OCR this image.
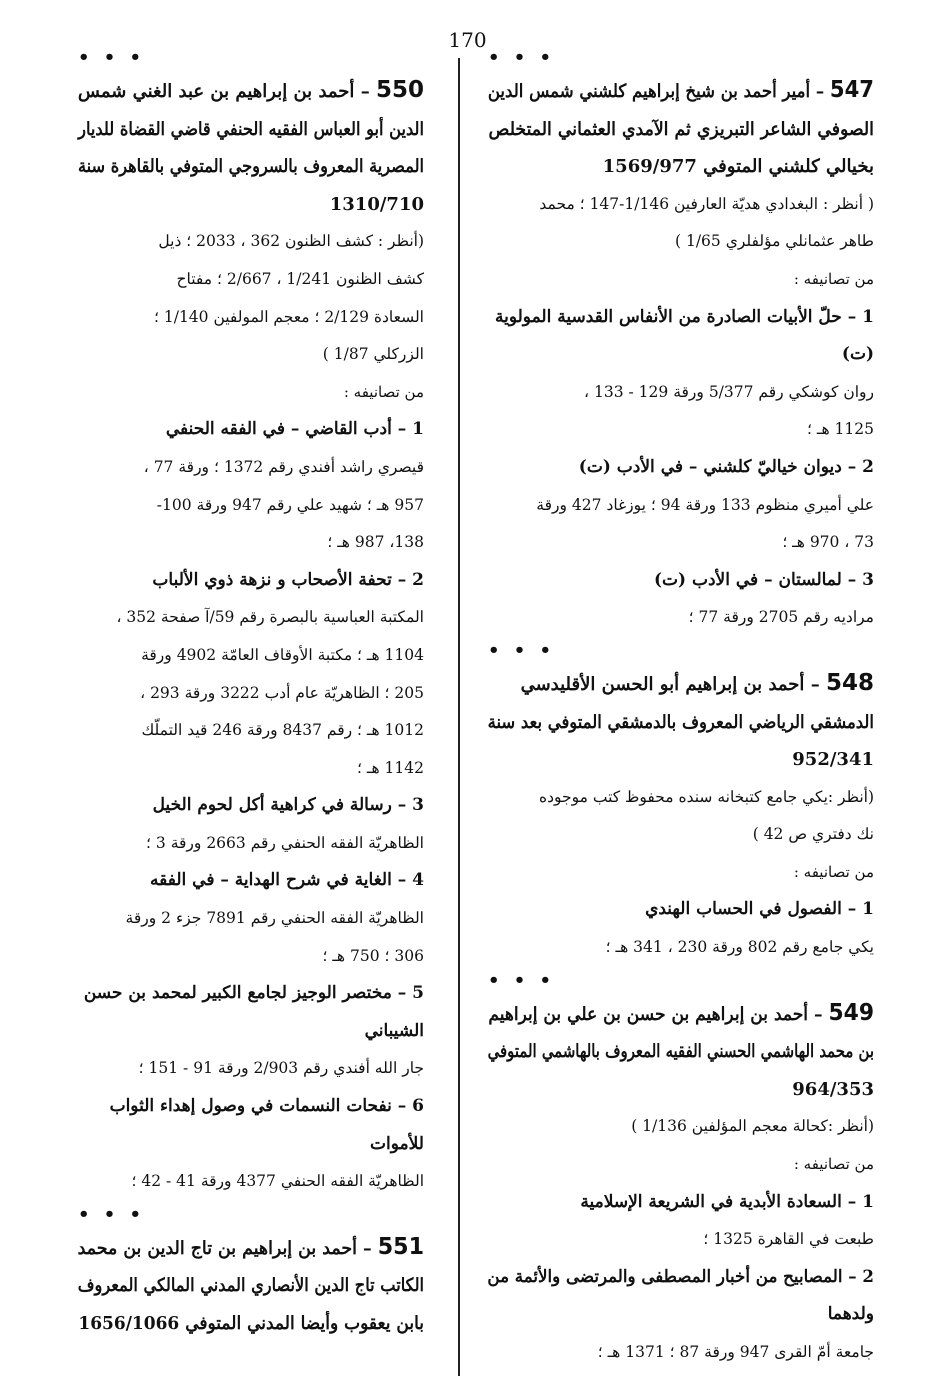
170
• • •
547 – أمير أحمد بن شيخ إبراهيم كلشني شمس الدين
الصوفي الشاعر التبريزي ثم الآمدي العثماني المتخلص
بخيالي كلشني المتوفي 1569/977
( أنظر : البغدادي هديّة العارفين 1/146-147 ؛ محمد
طاهر عثمانلي مؤلفلري 1/65 )
من تصانيفه :
1 – حلّ الأبيات الصادرة من الأنفاس القدسية المولوية
(ت)
روان كوشكي رقم 5/377 ورقة 129 - 133 ،
1125 هـ ؛
2 – ديوان خياليّ كلشني – في الأدب (ت)
علي أميري منظوم 133 ورقة 94 ؛ يوزغاد 427 ورقة
73 ، 970 هـ ؛
3 – لمالستان – في الأدب (ت)
مراديه رقم 2705 ورقة 77 ؛
• • •
548 – أحمد بن إبراهيم أبو الحسن الأقليدسي
الدمشقي الرياضي المعروف بالدمشقي المتوفي بعد سنة
952/341
(أنظر :يكي جامع كتبخانه سنده محفوظ كتب موجوده
نك دفتري ص 42 )
من تصانيفه :
1 – الفصول في الحساب الهندي
يكي جامع رقم 802 ورقة 230 ، 341 هـ ؛
• • •
549 – أحمد بن إبراهيم بن حسن بن علي بن إبراهيم
بن محمد الهاشمي الحسني الفقيه المعروف بالهاشمي المتوفي
964/353
(أنظر :كحالة معجم المؤلفين 1/136 )
من تصانيفه :
1 – السعادة الأبدية في الشريعة الإسلامية
طبعت في القاهرة 1325 ؛
2 – المصابيح من أخبار المصطفى والمرتضى والأئمة من
ولدهما
جامعة أمّ القرى 947 ورقة 87 ؛ 1371 هـ ؛
• • •
550 – أحمد بن إبراهيم بن عبد الغني شمس
الدين أبو العباس الفقيه الحنفي قاضي القضاة للديار
المصرية المعروف بالسروجي المتوفي بالقاهرة سنة
1310/710
(أنظر : كشف الظنون 362 ، 2033 ؛ ذيل
كشف الظنون 1/241 ، 2/667 ؛ مفتاح
السعادة 2/129 ؛ معجم المولفين 1/140 ؛
الزركلي 1/87 )
من تصانيفه :
1 – أدب القاضي – في الفقه الحنفي
قيصري راشد أفندي رقم 1372 ؛ ورقة 77 ،
957 هـ ؛ شهيد علي رقم 947 ورقة 100-
138، 987 هـ ؛
2 – تحفة الأصحاب و نزهة ذوي الألباب
المكتبة العباسية بالبصرة رقم 59/آ صفحة 352 ،
1104 هـ ؛ مكتبة الأوقاف العامّة 4902 ورقة
205 ؛ الظاهريّة عام أدب 3222 ورقة 293 ،
1012 هـ ؛ رقم 8437 ورقة 246 قيد التملّك
1142 هـ ؛
3 – رسالة في كراهية أكل لحوم الخيل
الظاهريّة الفقه الحنفي رقم 2663 ورقة 3 ؛
4 – الغاية في شرح الهداية – في الفقه
الظاهريّة الفقه الحنفي رقم 7891 جزء 2 ورقة
306 ؛ 750 هـ ؛
5 – مختصر الوجيز لجامع الكبير لمحمد بن حسن
الشيباني
جار الله أفندي رقم 2/903 ورقة 91 - 151 ؛
6 – نفحات النسمات في وصول إهداء الثواب
للأموات
الظاهريّة الفقه الحنفي 4377 ورقة 41 - 42 ؛
• • •
551 – أحمد بن إبراهيم بن تاج الدين بن محمد
الكاتب تاج الدين الأنصاري المدني المالكي المعروف
بابن يعقوب وأيضا المدني المتوفي 1656/1066
